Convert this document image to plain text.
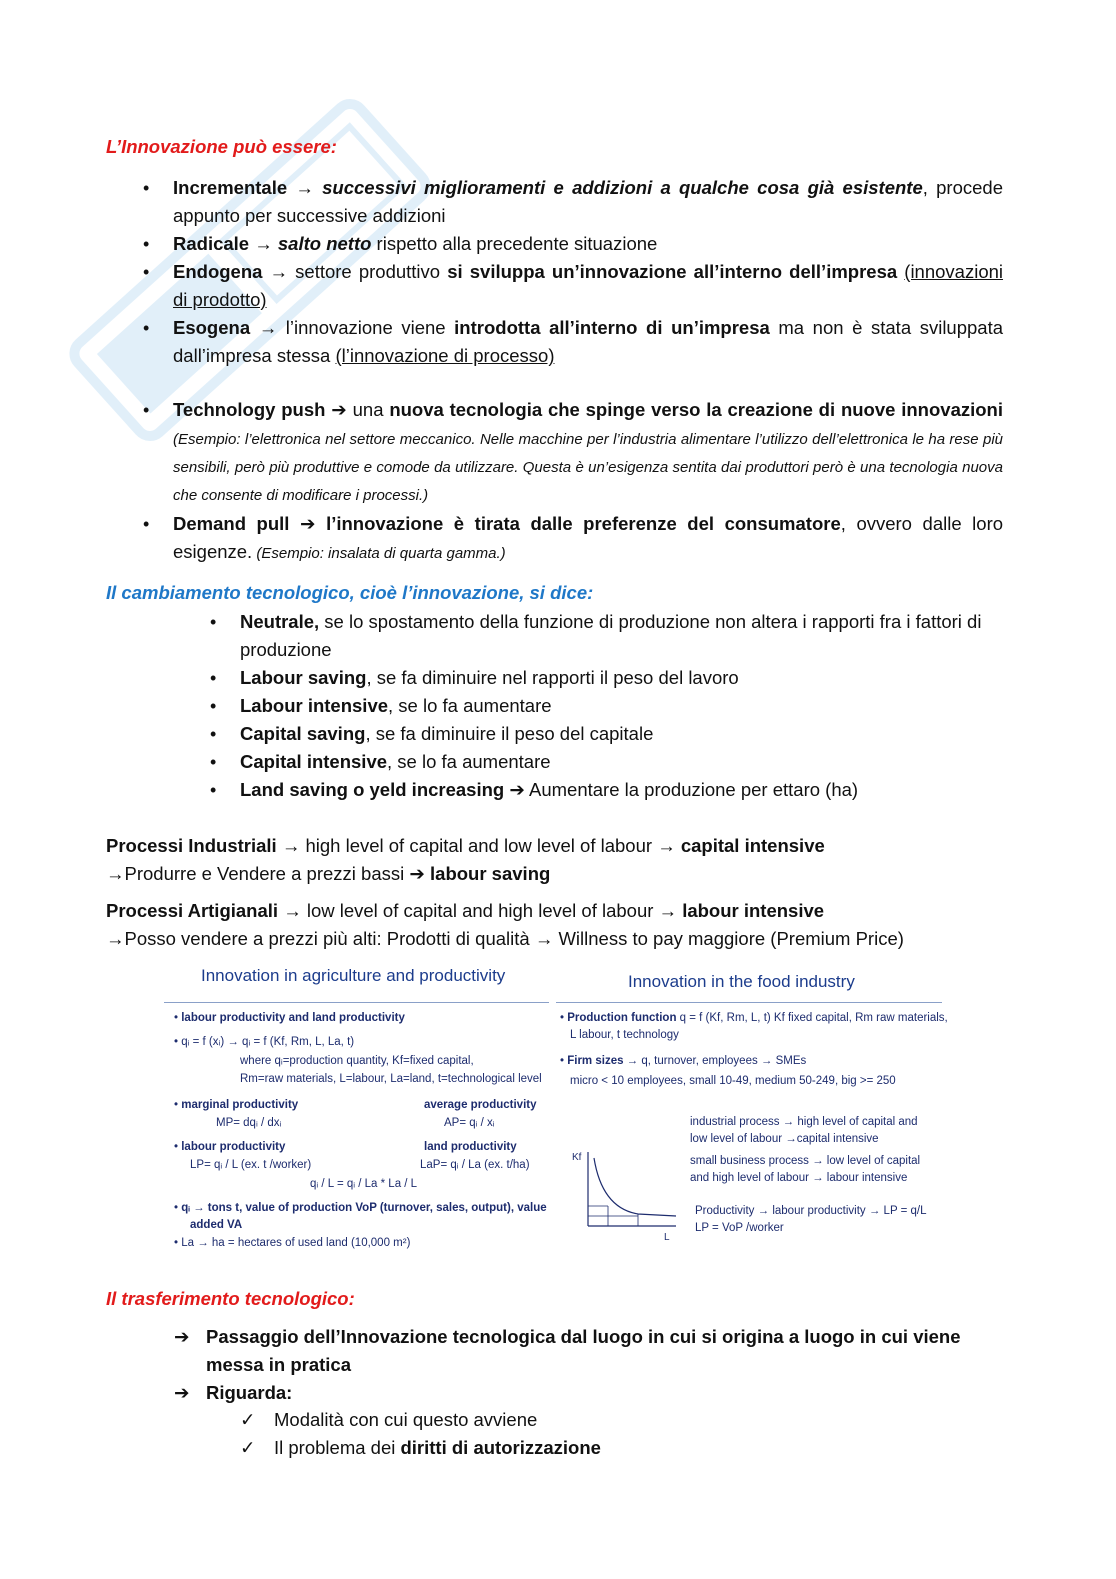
L’Innovazione può essere:
• Incrementale → successivi miglioramenti e addizioni a qualche cosa già esistente, procede appunto per successive addizioni
• Radicale → salto netto rispetto alla precedente situazione
• Endogena → settore produttivo si sviluppa un’innovazione all’interno dell’impresa (innovazioni di prodotto)
• Esogena → l’innovazione viene introdotta all’interno di un’impresa ma non è stata sviluppata dall’impresa stessa (l’innovazione di processo)
• Technology push ➔ una nuova tecnologia che spinge verso la creazione di nuove innovazioni (Esempio: l’elettronica nel settore meccanico. Nelle macchine per l’industria alimentare l’utilizzo dell’elettronica le ha rese più sensibili, però più produttive e comode da utilizzare. Questa è un’esigenza sentita dai produttori però è una tecnologia nuova che consente di modificare i processi.)
• Demand pull ➔ l’innovazione è tirata dalle preferenze del consumatore, ovvero dalle loro esigenze. (Esempio: insalata di quarta gamma.)
Il cambiamento tecnologico, cioè l’innovazione, si dice:
• Neutrale, se lo spostamento della funzione di produzione non altera i rapporti fra i fattori di produzione
• Labour saving, se fa diminuire nel rapporti il peso del lavoro
• Labour intensive, se lo fa aumentare
• Capital saving, se fa diminuire il peso del capitale
• Capital intensive, se lo fa aumentare
• Land saving o yeld increasing ➔ Aumentare la produzione per ettaro (ha)
Processi Industriali → high level of capital and low level of labour → capital intensive
→Produrre e Vendere a prezzi bassi ➔ labour saving
Processi Artigianali → low level of capital and high level of labour → labour intensive
→Posso vendere a prezzi più alti: Prodotti di qualità → Willness to pay maggiore (Premium Price)
Innovation in agriculture and productivity	Innovation in the food industry
• labour productivity and land productivity
• qᵢ = f (xᵢ) → qᵢ = f (Kf, Rm, L, La, t)
where qᵢ=production quantity, Kf=fixed capital,
Rm=raw materials, L=labour, La=land, t=technological level
• marginal productivity
MP= dqᵢ / dxᵢ
average productivity
AP= qᵢ / xᵢ
• labour productivity
LP= qᵢ / L (ex. t /worker)
land productivity
LaP= qᵢ / La (ex. t/ha)
qᵢ / L = qᵢ / La * La / L
• qᵢ → tons t, value of production VoP (turnover, sales, output), value
added VA
• La → ha = hectares of used land (10,000 m²)
• Production function q = f (Kf, Rm, L, t) Kf fixed capital, Rm raw materials,
L labour, t technology
• Firm sizes → q, turnover, employees → SMEs
micro < 10 employees, small 10-49, medium 50-249, big >= 250
industrial process → high level of capital and
low level of labour →capital intensive
small business process → low level of capital
and high level of labour → labour intensive
Productivity → labour productivity → LP = q/L
LP = VoP /worker
Kf
L
Il trasferimento tecnologico:
➔ Passaggio dell’Innovazione tecnologica dal luogo in cui si origina a luogo in cui viene messa in pratica
➔ Riguarda:
✓ Modalità con cui questo avviene
✓ Il problema dei diritti di autorizzazione
